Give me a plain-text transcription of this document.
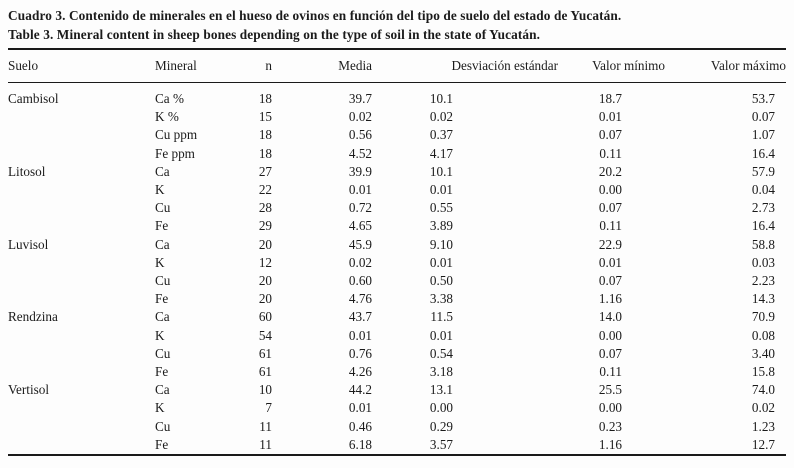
Cuadro 3. Contenido de minerales en el hueso de ovinos en función del tipo de suelo del estado de Yucatán.

Table 3. Mineral content in sheep bones depending on the type of soil in the state of Yucatán.

Suelo	Mineral	n	Media	Desviación estándar	Valor mínimo	Valor máximo
Cambisol	Ca %	18	39.7	10.1	18.7	53.7
	K %	15	0.02	0.02	0.01	0.07
	Cu ppm	18	0.56	0.37	0.07	1.07
	Fe ppm	18	4.52	4.17	0.11	16.4
Litosol	Ca	27	39.9	10.1	20.2	57.9
	K	22	0.01	0.01	0.00	0.04
	Cu	28	0.72	0.55	0.07	2.73
	Fe	29	4.65	3.89	0.11	16.4
Luvisol	Ca	20	45.9	9.10	22.9	58.8
	K	12	0.02	0.01	0.01	0.03
	Cu	20	0.60	0.50	0.07	2.23
	Fe	20	4.76	3.38	1.16	14.3
Rendzina	Ca	60	43.7	11.5	14.0	70.9
	K	54	0.01	0.01	0.00	0.08
	Cu	61	0.76	0.54	0.07	3.40
	Fe	61	4.26	3.18	0.11	15.8
Vertisol	Ca	10	44.2	13.1	25.5	74.0
	K	7	0.01	0.00	0.00	0.02
	Cu	11	0.46	0.29	0.23	1.23
	Fe	11	6.18	3.57	1.16	12.7
